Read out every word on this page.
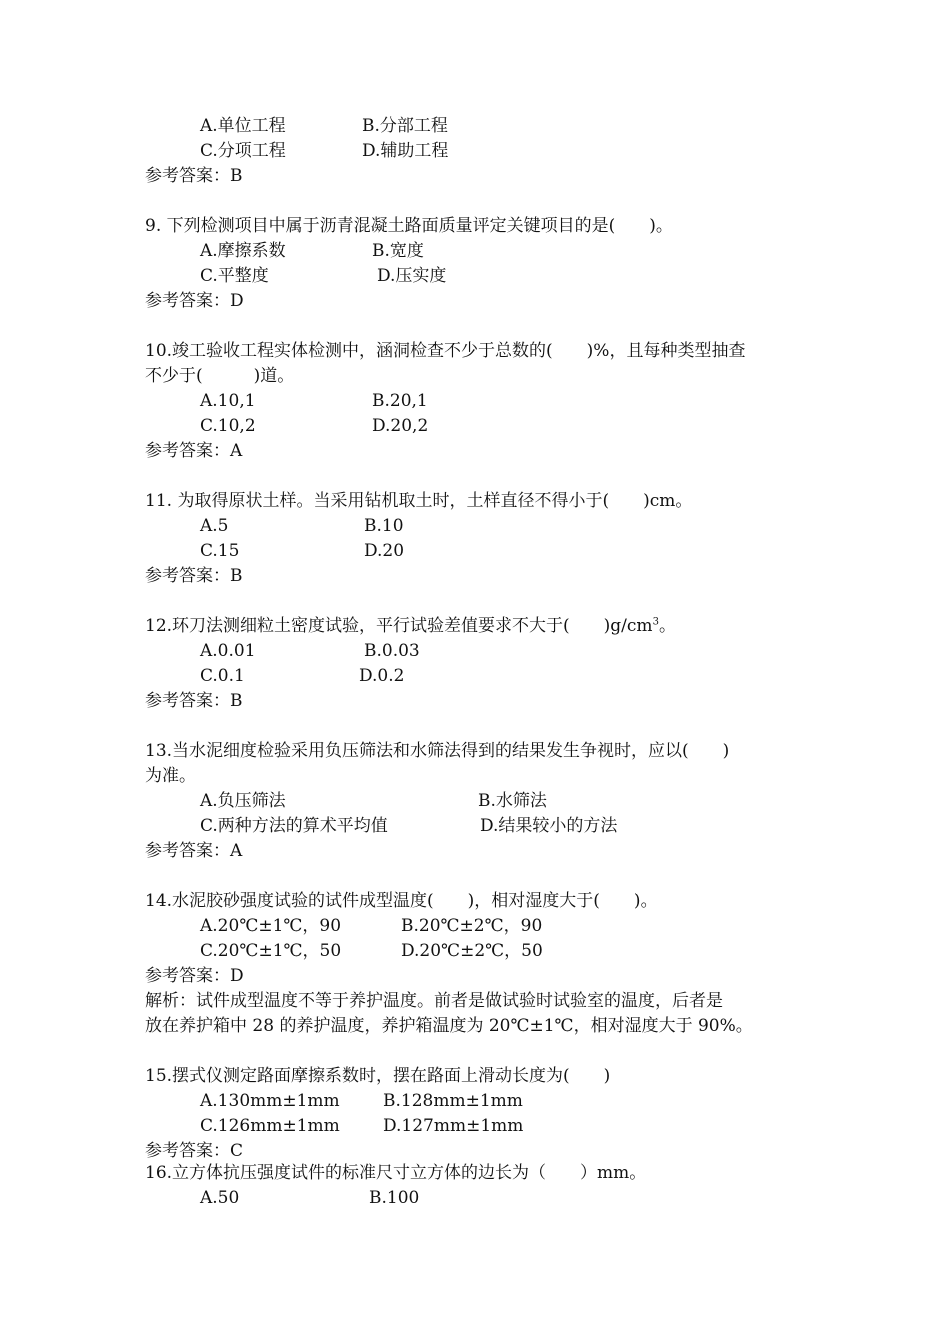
A.单位工程	B.分部工程
C.分项工程	D.辅助工程
参考答案：B
9. 下列检测项目中属于沥青混凝土路面质量评定关键项目的是(　　)。
A.摩擦系数	B.宽度
C.平整度	D.压实度
参考答案：D
10.竣工验收工程实体检测中，涵洞检查不少于总数的(　　)%，且每种类型抽查
不少于(　　　)道。
A.10,1	B.20,1
C.10,2	D.20,2
参考答案：A
11. 为取得原状土样。当采用钻机取土时，土样直径不得小于(　　)cm。
A.5	B.10
C.15	D.20
参考答案：B
12.环刀法测细粒土密度试验，平行试验差值要求不大于(　　)$g/cm^3$。
A.0.01	B.0.03
C.0.1	D.0.2
参考答案：B
13.当水泥细度检验采用负压筛法和水筛法得到的结果发生争视时，应以(　　)
为准。
A.负压筛法	B.水筛法
C.两种方法的算术平均值	D.结果较小的方法
参考答案：A
14.水泥胶砂强度试验的试件成型温度(　　)，相对湿度大于(　　)。
A.20℃±1℃，90	B.20℃±2℃，90
C.20℃±1℃，50	D.20℃±2℃，50
参考答案：D
解析：试件成型温度不等于养护温度。前者是做试验时试验室的温度，后者是
放在养护箱中 28 的养护温度，养护箱温度为 20℃±1℃，相对湿度大于 90%。
15.摆式仪测定路面摩擦系数时，摆在路面上滑动长度为(　　)
A.130mm±1mm	B.128mm±1mm
C.126mm±1mm	D.127mm±1mm
参考答案：C
16.立方体抗压强度试件的标准尺寸立方体的边长为（　　）mm。
A.50	B.100
